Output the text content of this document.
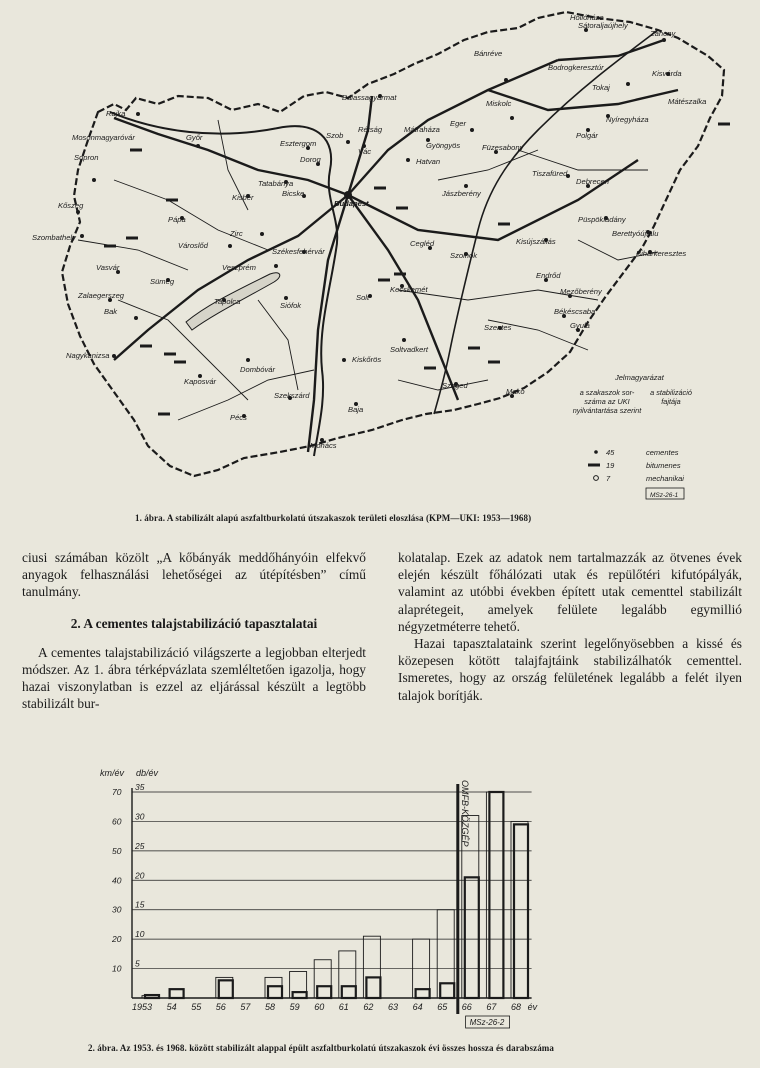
Hollóháza
Sátoraljaújhely
Bánréve
Záhony
Bodrogkeresztúr
Kisvárda
Tokaj
Mátészalka
Miskolc
Nyíregyháza
Polgár
Eger
Füzesabony
Balassagyarmat
Rajka
Mosonmagyaróvár	Győr
Sopron
Kőszeg
Szombathely
Esztergom
Szob
Rétság
Vác
Hatvan
Mátraháza
Gyöngyös
Dorog
Tatabánya
Bicske
Kisbér
Pápa
Zirc
Városlőd
Veszprém
Székesfehérvár
Budapest
Jászberény
Tiszafüred
Debrecen
Püspökladány
Berettyóújfalu
Biharkeresztes
Kisújszállás
Cegléd
Szolnok
Vasvár
Sümeg
Zalaegerszeg
Bak
Nagykanizsa
Tapolca	Siófok
Kecskemét
Solt
Szentes
Endrőd
Mezőberény
Békéscsaba
Gyula
Soltvadkert
Kaposvár
Dombóvár
Szekszárd
Kiskőrös
Baja
Szeged
Makó
Pécs
Mohács
Jelmagyarázat
a szakaszok sor-száma az UKI nyilvántartása szerint
a stabilizáció fajtája
45	cementes
19	bitumenes
7	mechanikai
MSz-26-1
1. ábra. A stabilizált alapú aszfaltburkolatú útszakaszok területi eloszlása (KPM—UKI: 1953—1968)

ciusi számában közölt „A kőbányák meddőhányóin elfekvő anyagok felhasználási lehetőségei az útépítésben” című tanulmány.

2. A cementes talajstabilizáció tapasztalatai

A cementes talajstabilizáció világszerte a legjobban elterjedt módszer. Az 1. ábra térképvázlata szemléltetően igazolja, hogy hazai viszonylatban is ezzel az eljárással készült a legtöbb stabilizált bur-

kolatalap. Ezek az adatok nem tartalmazzák az ötvenes évek elején készült főhálózati utak és repülőtéri kifutópályák, valamint az utóbbi években épített utak cementtel stabilizált alaprétegeit, amelyek felülete legalább egymillió négyzetméterre tehető.

Hazai tapasztalataink szerint legelőnyösebben a kissé és közepesen kötött talajfajtáink stabilizálhatók cementtel. Ismeretes, hogy az ország felületének legalább a felét ilyen talajok borítják.

km/év db/év
70 35
60 30
50 25
40 20
30 15
20 10
10 5
1953 54 55 56 57 58 59 60 61 62 63 64 65 66 67 68 év
OMFB-KÖZGÉP
MSz-26-2
2. ábra. Az 1953. és 1968. között stabilizált alappal épült aszfaltburkolatú útszakaszok évi összes hossza és darabszáma
